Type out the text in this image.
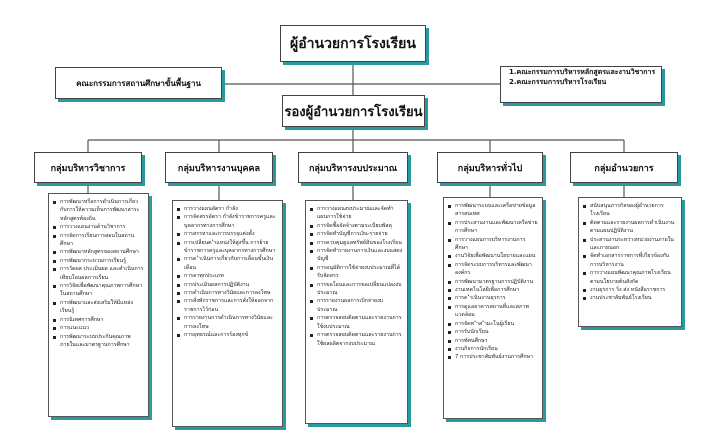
ผู้อำนวยการโรงเรียน
คณะกรรมการสถานศึกษาขั้นพื้นฐาน
1.คณะกรรมการบริหารหลักสูตรและงานวิชาการ
2.คณะกรรมการบริหารโรงเรียน
รองผู้อำนวยการโรงเรียน
กลุ่มบริหารวิชาการ	กลุ่มบริหารงานบุคคล	กลุ่มบริหารงบประมาณ	กลุ่มบริหารทั่วไป	กลุ่มอำนวยการ
การพัฒนาหรือการดำเนินการเกี่ยวกับการให้ความเห็นการพัฒนาสาระหลักสูตรท้องถิ่น
การวางแผนงานด้านวิชาการ
การจัดการเรียนการสอนในสถานศึกษา
การพัฒนาหลักสูตรของสถานศึกษา
การพัฒนากระบวนการเรียนรู้
การวัดผล ประเมินผล และดำเนินการเทียบโอนผลการเรียน
การวิจัยเพื่อพัฒนาคุณภาพการศึกษาในสถานศึกษา
การพัฒนาและส่งเสริมให้มีแหล่งเรียนรู้
การนิเทศการศึกษา
การแนะแนว
การพัฒนาระบบประกันคุณภาพภายในและมาตรฐานการศึกษา
การวางแผนอัตรา กำลัง
การจัดสรรอัตรา กำลังข้าราชการครูและบุคลากรทางการศึกษา
การสรรหาและการบรรจุแต่งตั้ง
การเปลี่ยนต ำแหน่งให้สูงขึ้น การย้ายข้าราชการครูและบุคลากรทางการศึกษา
การด ำเนินการเกี่ยวกับการเลื่อนขั้นเงินเดือน
การลาทุกประเภท
การประเมินผลการปฏิบัติงาน
การดำเนินการทางวินัยและการลงโทษ
การสั่งพักราชการและการสั่งให้ออกจากราชการไว้ก่อน
การรายงานการดำเนินการทางวินัยและการลงโทษ
การอุทธรณ์และการร้องทุกข์
การวางแผนงบประมาณและจัดทำแผนการใช้จ่าย
การจัดซื้อจัดจ้างตามระเบียบพัสดุ
การจัดทำบัญชีการเงิน-รายจ่าย
การควบคุมดูแลทรัพย์สินของโรงเรียน
การจัดทำรายงานการเงินและงบแสดงบัญชี
การอนุมัติการใช้จ่ายงบประมาณที่ได้รับจัดสรร
การขอโอนและการขอเปลี่ยนแปลงงบประมาณ
การรายงานผลการเบิกจ่ายงบประมาณ
การตรวจสอบติดตามและรายงานการใช้งบประมาณ
การตรวจสอบติดตามและรายงานการใช้ผลผลิตจากงบประมาณ
การพัฒนาระบบและเครือข่ายข้อมูลสารสนเทศ
การประสานงานและพัฒนาเครือข่ายการศึกษา
การวางแผนการบริหารงานการศึกษา
งานวิจัยเพื่อพัฒนานโยบายและแผน
การจัดระบบการบริหารและพัฒนาองค์กร
การพัฒนามาตรฐานการปฏิบัติงาน
งานเทคโนโลยีเพื่อการศึกษา
การด ำเนินงานธุรการ
การดูแลอาคารสถานที่และสภาพแวดล้อม
การจัดท ำส ำมะโนผู้เรียน
การรับนักเรียน
การทัศนศึกษา
งานกิจการนักเรียน
7 การประชาสัมพันธ์งานการศึกษา
สนับสนุนภารกิจของผู้อำนวยการโรงเรียน
ติดตามและรายงานผลการดำเนินงานตามแผนปฏิบัติงาน
ประสานงานระหว่างหน่วยงานภายในและภายนอก
จัดทำเอกสารราชการที่เกี่ยวข้องกับการบริหารงาน
การวางแผนพัฒนาคุณภาพโรงเรียนตามนโยบายต้นสังกัด
งานธุรการ วิ่ง ส่ง หนังสือราชการ
งานประชาสัมพันธ์โรงเรียน
